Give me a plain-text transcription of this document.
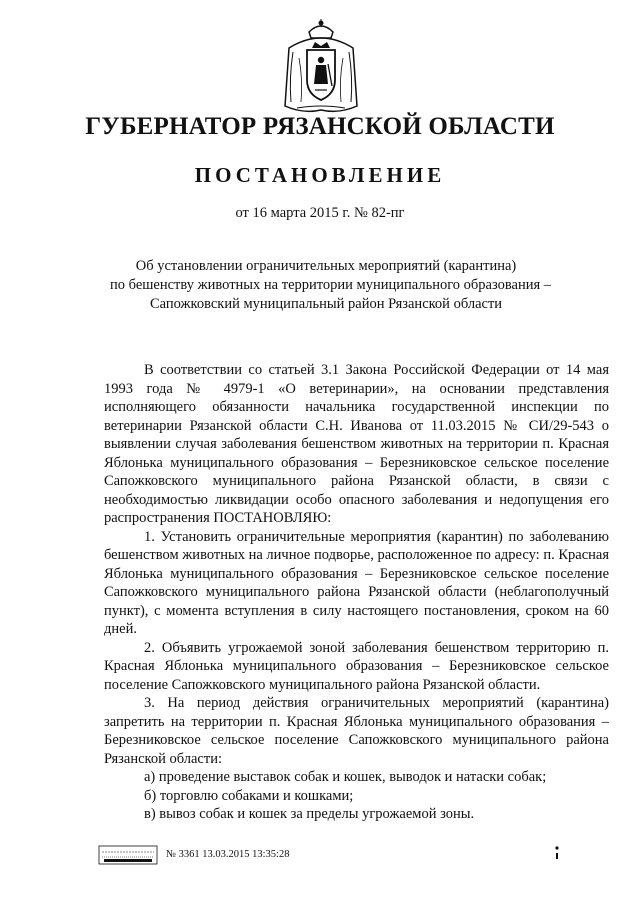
ГУБЕРНАТОР РЯЗАНСКОЙ ОБЛАСТИ
ПОСТАНОВЛЕНИЕ
от 16 марта 2015 г. № 82-пг
Об установлении ограничительных мероприятий (карантина)
по бешенству животных на территории муниципального образования –
Сапожковский муниципальный район Рязанской области

В соответствии со статьей 3.1 Закона Российской Федерации от 14 мая 1993 года № 4979-1 «О ветеринарии», на основании представления исполняющего обязанности начальника государственной инспекции по ветеринарии Рязанской области С.Н. Иванова от 11.03.2015 № СИ/29-543 о выявлении случая заболевания бешенством животных на территории п. Красная Яблонька муниципального образования – Березниковское сельское поселение Сапожковского муниципального района Рязанской области, в связи с необходимостью ликвидации особо опасного заболевания и недопущения его распространения ПОСТАНОВЛЯЮ:

1. Установить ограничительные мероприятия (карантин) по заболеванию бешенством животных на личное подворье, расположенное по адресу: п. Красная Яблонька муниципального образования – Березниковское сельское поселение Сапожковского муниципального района Рязанской области (неблагополучный пункт), с момента вступления в силу настоящего постановления, сроком на 60 дней.

2. Объявить угрожаемой зоной заболевания бешенством территорию п. Красная Яблонька муниципального образования – Березниковское сельское поселение Сапожковского муниципального района Рязанской области.

3. На период действия ограничительных мероприятий (карантина) запретить на территории п. Красная Яблонька муниципального образования – Березниковское сельское поселение Сапожковского муниципального района Рязанской области:

а) проведение выставок собак и кошек, выводок и натаски собак;

б) торговлю собаками и кошками;

в) вывоз собак и кошек за пределы угрожаемой зоны.

№ 3361 13.03.2015 13:35:28
